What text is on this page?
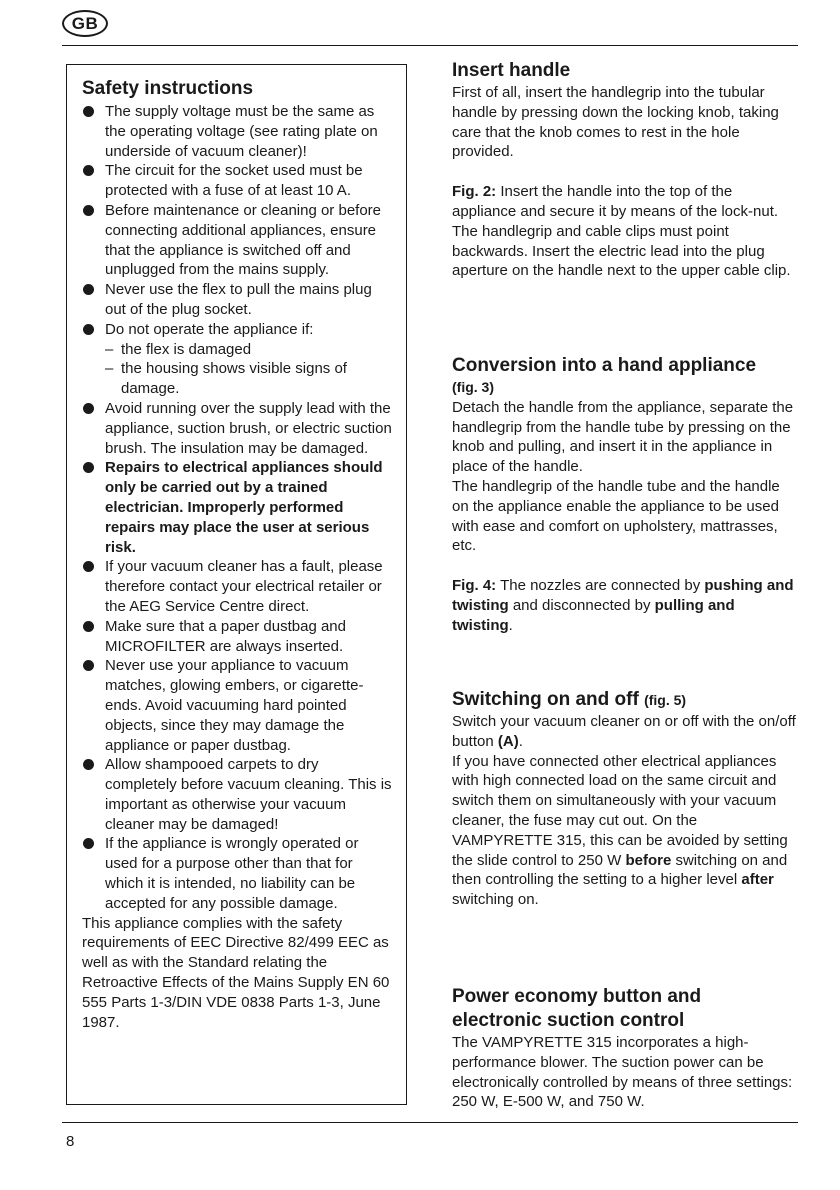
GB
Safety instructions
The supply voltage must be the same as the operating voltage (see rating plate on underside of vacuum cleaner)!
The circuit for the socket used must be protected with a fuse of at least 10 A.
Before maintenance or cleaning or before connecting additional appliances, ensure that the appliance is switched off and unplugged from the mains supply.
Never use the flex to pull the mains plug out of the plug socket.
Do not operate the appliance if:
– the flex is damaged
– the housing shows visible signs of damage.
Avoid running over the supply lead with the appliance, suction brush, or electric suction brush. The insulation may be damaged.
Repairs to electrical appliances should only be carried out by a trained electrician. Improperly performed repairs may place the user at serious risk.
If your vacuum cleaner has a fault, please therefore contact your electrical retailer or the AEG Service Centre direct.
Make sure that a paper dustbag and MICROFILTER are always inserted.
Never use your appliance to vacuum matches, glowing embers, or cigarette-ends. Avoid vacuuming hard pointed objects, since they may damage the appliance or paper dustbag.
Allow shampooed carpets to dry completely before vacuum cleaning. This is important as otherwise your vacuum cleaner may be damaged!
If the appliance is wrongly operated or used for a purpose other than that for which it is intended, no liability can be accepted for any possible damage.
This appliance complies with the safety requirements of EEC Directive 82/499 EEC as well as with the Standard relating the Retroactive Effects of the Mains Supply EN 60 555 Parts 1-3/DIN VDE 0838 Parts 1-3, June 1987.
Insert handle

First of all, insert the handlegrip into the tubular handle by pressing down the locking knob, taking care that the knob comes to rest in the hole provided.

Fig. 2: Insert the handle into the top of the appliance and secure it by means of the lock-nut. The handlegrip and cable clips must point backwards. Insert the electric lead into the plug aperture on the handle next to the upper cable clip.

Conversion into a hand appliance
(fig. 3)

Detach the handle from the appliance, separate the handlegrip from the handle tube by pressing on the knob and pulling, and insert it in the appliance in place of the handle.

The handlegrip of the handle tube and the handle on the appliance enable the appliance to be used with ease and comfort on upholstery, mattrasses, etc.

Fig. 4: The nozzles are connected by pushing and twisting and disconnected by pulling and twisting.

Switching on and off (fig. 5)

Switch your vacuum cleaner on or off with the on/off button (A).

If you have connected other electrical appliances with high connected load on the same circuit and switch them on simultaneously with your vacuum cleaner, the fuse may cut out. On the VAMPYRETTE 315, this can be avoided by setting the slide control to 250 W before switching on and then controlling the setting to a higher level after switching on.

Power economy button and
electronic suction control

The VAMPYRETTE 315 incorporates a high-performance blower. The suction power can be electronically controlled by means of three settings: 250 W, E-500 W, and 750 W.

8
